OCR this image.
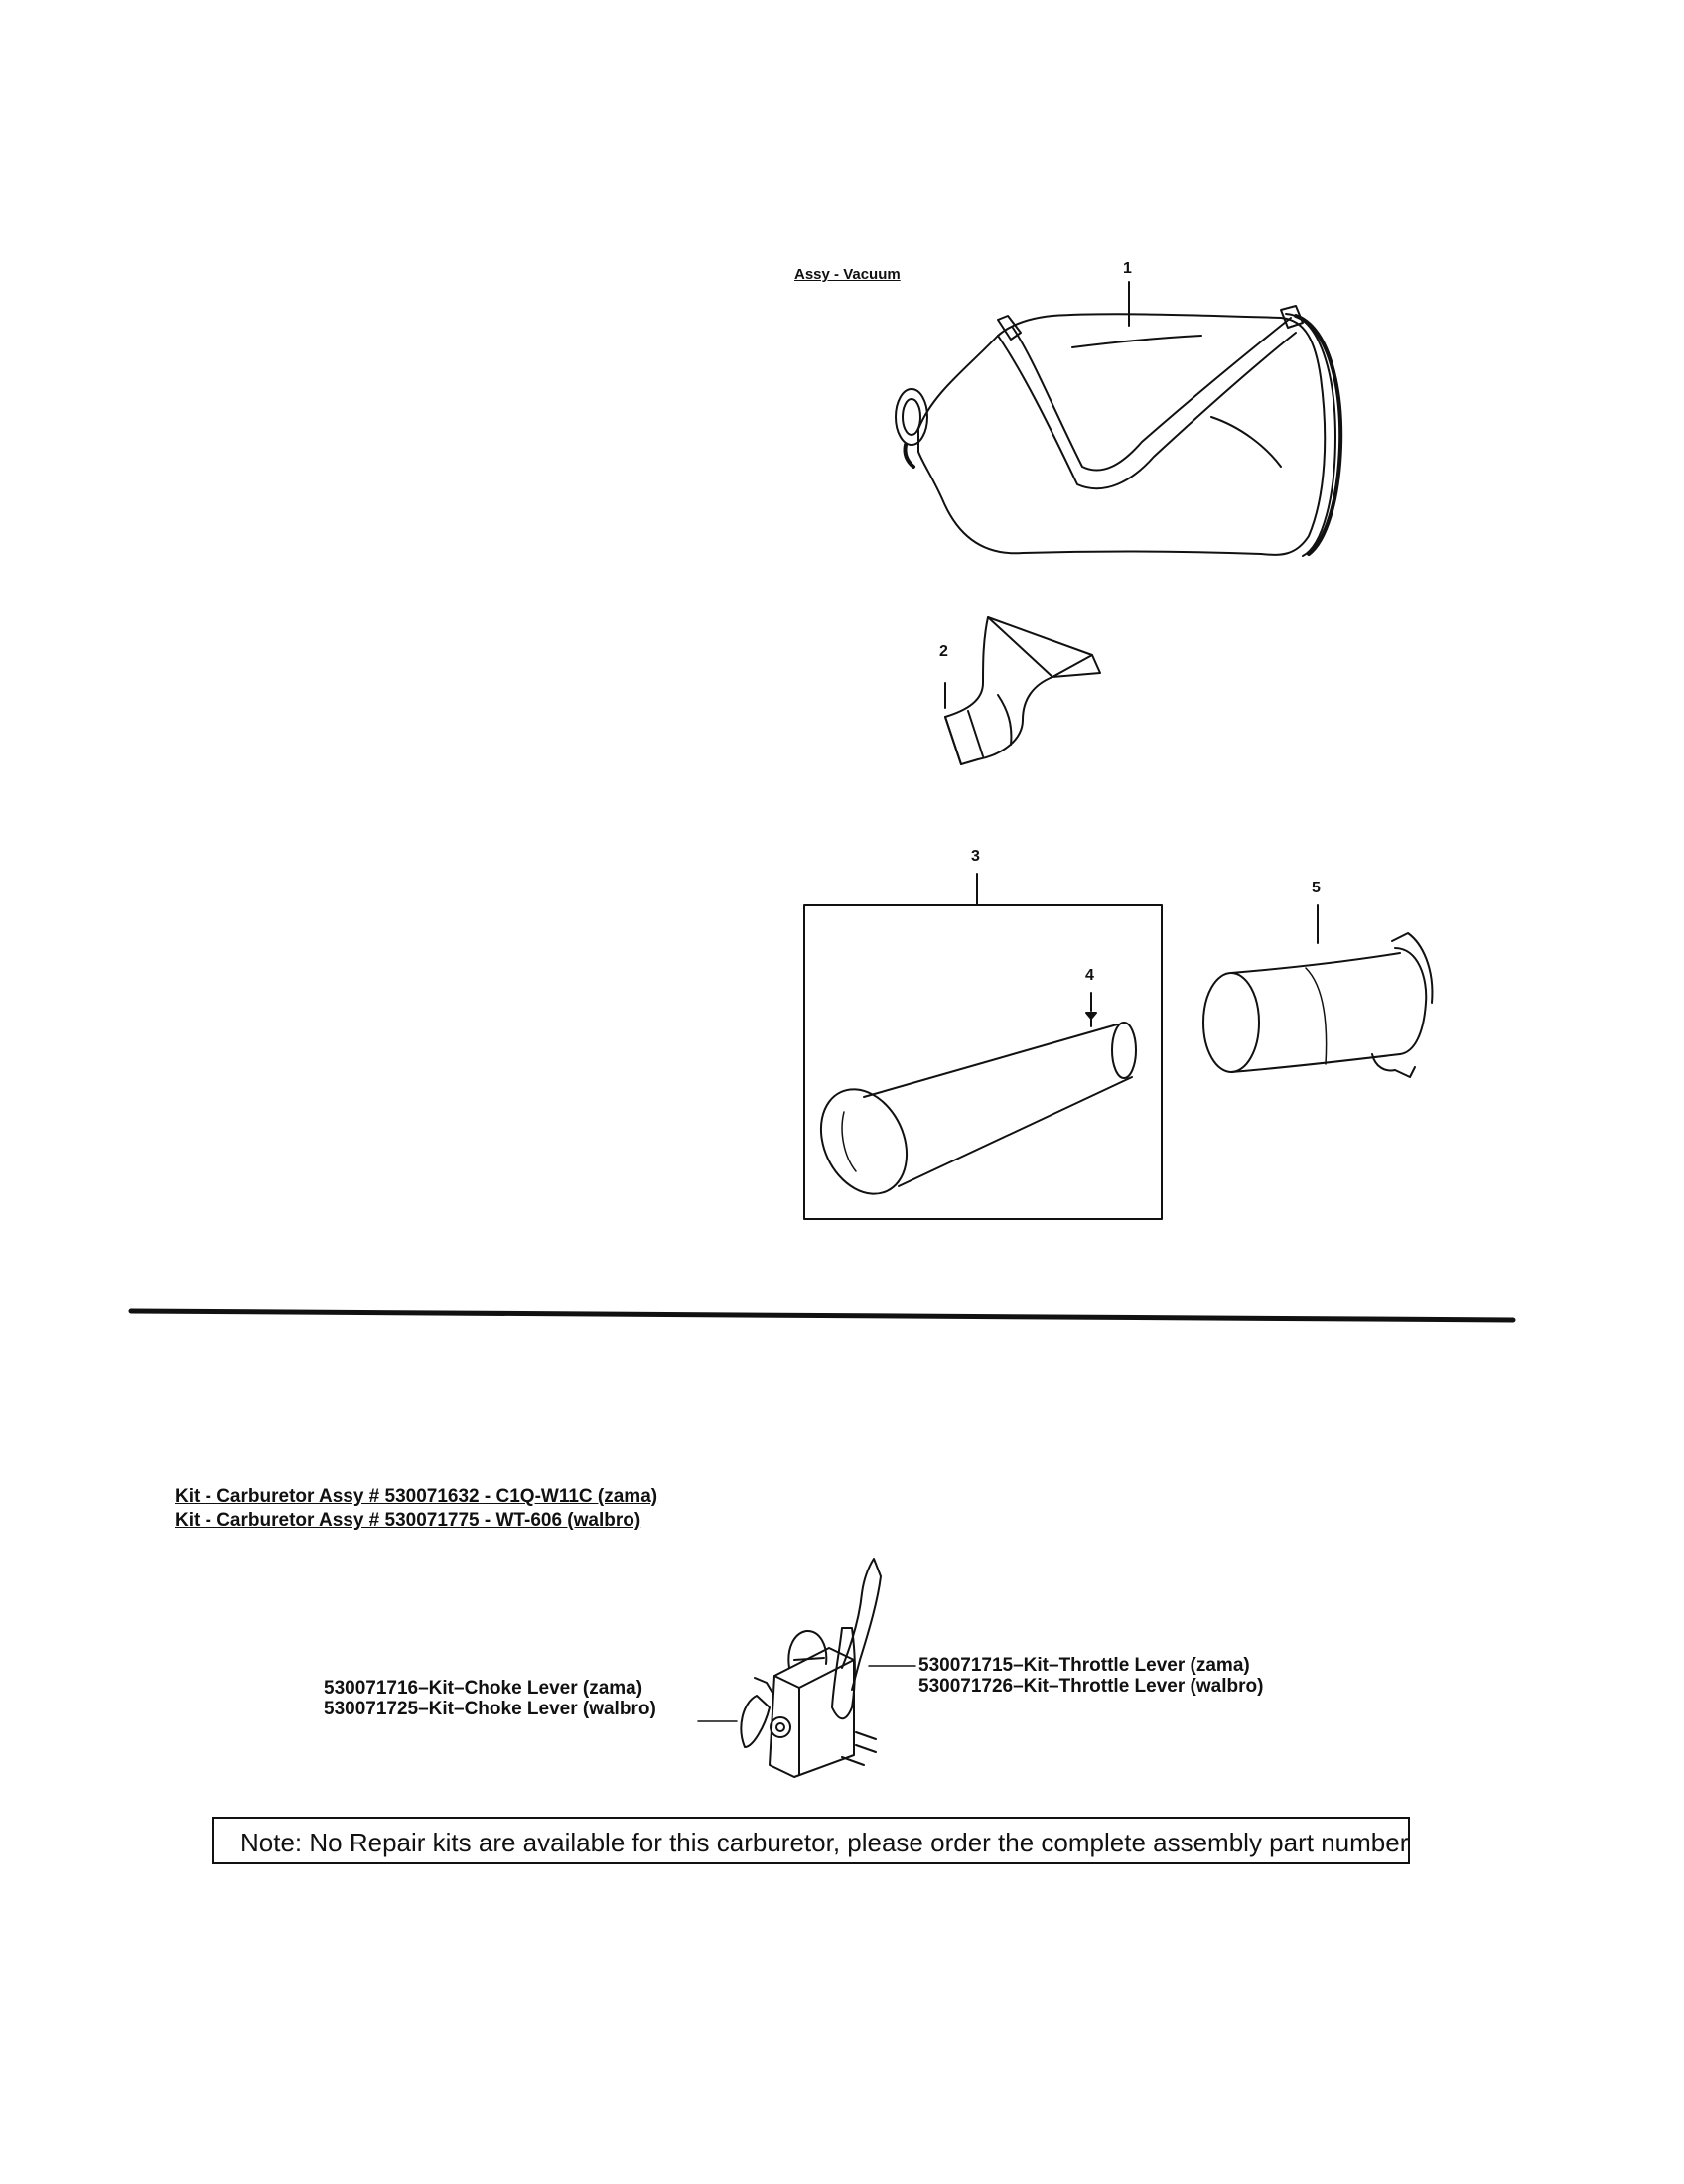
Assy - Vacuum	1
2
3
4
5
Kit - Carburetor Assy # 530071632 - C1Q-W11C (zama)
Kit - Carburetor Assy # 530071775 - WT-606 (walbro)
530071716–Kit–Choke Lever (zama)
530071725–Kit–Choke Lever (walbro)
530071715–Kit–Throttle Lever (zama)
530071726–Kit–Throttle Lever (walbro)
Note: No Repair kits are available for this carburetor, please order the complete assembly part number
